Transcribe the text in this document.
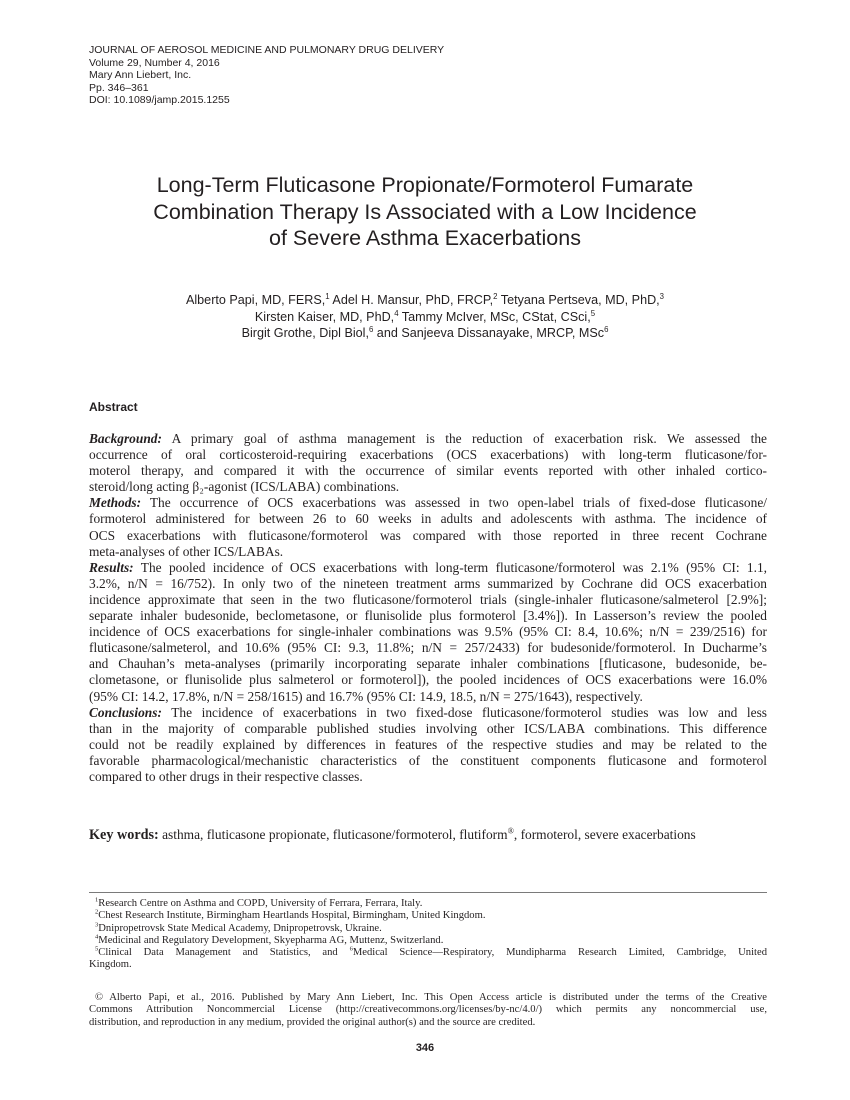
JOURNAL OF AEROSOL MEDICINE AND PULMONARY DRUG DELIVERY
Volume 29, Number 4, 2016
Mary Ann Liebert, Inc.
Pp. 346–361
DOI: 10.1089/jamp.2015.1255
Long-Term Fluticasone Propionate/Formoterol Fumarate
Combination Therapy Is Associated with a Low Incidence
of Severe Asthma Exacerbations
Alberto Papi, MD, FERS,$^1$ Adel H. Mansur, PhD, FRCP,$^2$ Tetyana Pertseva, MD, PhD,$^3$
Kirsten Kaiser, MD, PhD,$^4$ Tammy McIver, MSc, CStat, CSci,$^5$
Birgit Grothe, Dipl Biol,$^6$ and Sanjeeva Dissanayake, MRCP, MSc$^6$
Abstract
Background: A primary goal of asthma management is the reduction of exacerbation risk. We assessed the
occurrence of oral corticosteroid-requiring exacerbations (OCS exacerbations) with long-term fluticasone/for-
moterol therapy, and compared it with the occurrence of similar events reported with other inhaled cortico-
steroid/long acting β₂-agonist (ICS/LABA) combinations.
Methods: The occurrence of OCS exacerbations was assessed in two open-label trials of fixed-dose fluticasone/
formoterol administered for between 26 to 60 weeks in adults and adolescents with asthma. The incidence of
OCS exacerbations with fluticasone/formoterol was compared with those reported in three recent Cochrane
meta-analyses of other ICS/LABAs.
Results: The pooled incidence of OCS exacerbations with long-term fluticasone/formoterol was 2.1% (95% CI: 1.1,
3.2%, n/N = 16/752). In only two of the nineteen treatment arms summarized by Cochrane did OCS exacerbation
incidence approximate that seen in the two fluticasone/formoterol trials (single-inhaler fluticasone/salmeterol [2.9%];
separate inhaler budesonide, beclometasone, or flunisolide plus formoterol [3.4%]). In Lasserson’s review the pooled
incidence of OCS exacerbations for single-inhaler combinations was 9.5% (95% CI: 8.4, 10.6%; n/N = 239/2516) for
fluticasone/salmeterol, and 10.6% (95% CI: 9.3, 11.8%; n/N = 257/2433) for budesonide/formoterol. In Ducharme’s
and Chauhan’s meta-analyses (primarily incorporating separate inhaler combinations [fluticasone, budesonide, be-
clometasone, or flunisolide plus salmeterol or formoterol]), the pooled incidences of OCS exacerbations were 16.0%
(95% CI: 14.2, 17.8%, n/N = 258/1615) and 16.7% (95% CI: 14.9, 18.5, n/N = 275/1643), respectively.
Conclusions: The incidence of exacerbations in two fixed-dose fluticasone/formoterol studies was low and less
than in the majority of comparable published studies involving other ICS/LABA combinations. This difference
could not be readily explained by differences in features of the respective studies and may be related to the
favorable pharmacological/mechanistic characteristics of the constituent components fluticasone and formoterol
compared to other drugs in their respective classes.
Key words: asthma, fluticasone propionate, fluticasone/formoterol, flutiform®, formoterol, severe exacerbations
$^1$Research Centre on Asthma and COPD, University of Ferrara, Ferrara, Italy.
$^2$Chest Research Institute, Birmingham Heartlands Hospital, Birmingham, United Kingdom.
$^3$Dnipropetrovsk State Medical Academy, Dnipropetrovsk, Ukraine.
$^4$Medicinal and Regulatory Development, Skyepharma AG, Muttenz, Switzerland.
$^5$Clinical Data Management and Statistics, and $^6$Medical Science—Respiratory, Mundipharma Research Limited, Cambridge, United
Kingdom.
© Alberto Papi, et al., 2016. Published by Mary Ann Liebert, Inc. This Open Access article is distributed under the terms of the Creative
Commons Attribution Noncommercial License (http://creativecommons.org/licenses/by-nc/4.0/) which permits any noncommercial use,
distribution, and reproduction in any medium, provided the original author(s) and the source are credited.
346
